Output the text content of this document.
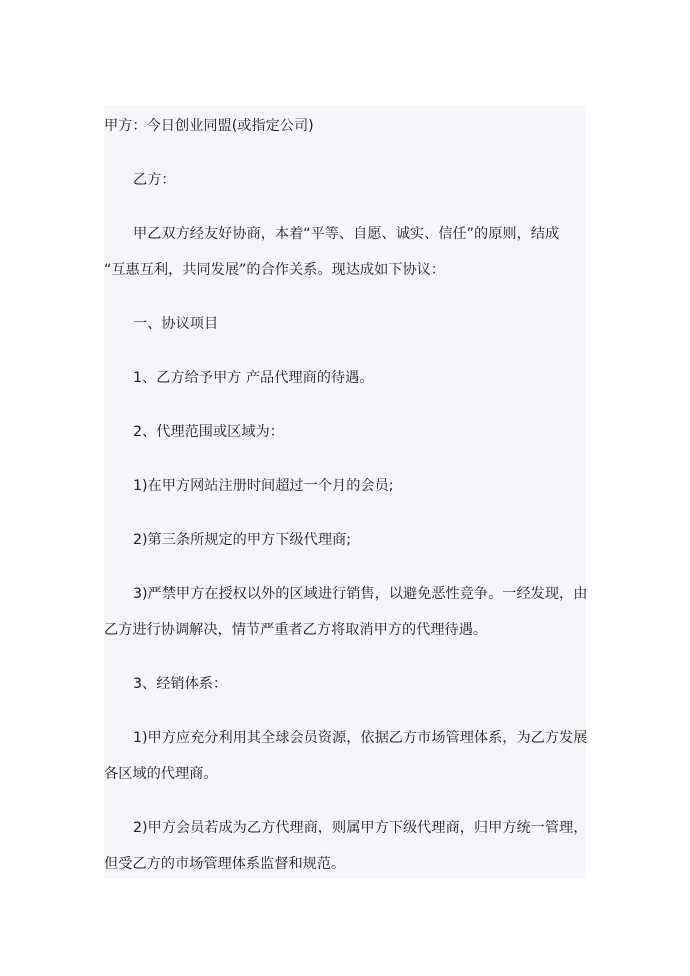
甲方：今日创业同盟(或指定公司)

乙方：

甲乙双方经友好协商，本着“平等、自愿、诚实、信任”的原则，结成
“互惠互利，共同发展”的合作关系。现达成如下协议：

一、协议项目

1、乙方给予甲方 产品代理商的待遇。

2、代理范围或区域为：

1)在甲方网站注册时间超过一个月的会员;

2)第三条所规定的甲方下级代理商;

3)严禁甲方在授权以外的区域进行销售，以避免恶性竞争。一经发现，由
乙方进行协调解决，情节严重者乙方将取消甲方的代理待遇。

3、经销体系：

1)甲方应充分利用其全球会员资源，依据乙方市场管理体系，为乙方发展
各区域的代理商。

2)甲方会员若成为乙方代理商，则属甲方下级代理商，归甲方统一管理，
但受乙方的市场管理体系监督和规范。
